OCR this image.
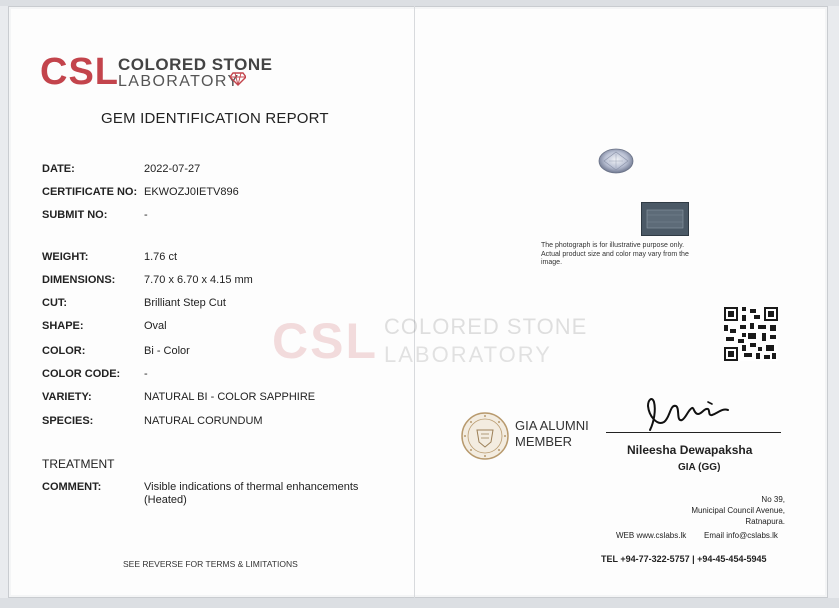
CSL COLORED STONE
LABORATORY
GEM IDENTIFICATION REPORT
CSL COLORED STONE
LABORATORY
DATE:	2022-07-27
CERTIFICATE NO: EKWOZJ0IETV896
SUBMIT NO:	-
WEIGHT:	1.76 ct
DIMENSIONS:	7.70 x 6.70 x 4.15 mm
CUT:	Brilliant Step Cut
SHAPE:	Oval
COLOR:	Bi - Color
COLOR CODE: -
VARIETY:	NATURAL BI - COLOR SAPPHIRE
SPECIES:	NATURAL CORUNDUM
TREATMENT
COMMENT:	Visible indications of thermal enhancements (Heated)
SEE REVERSE FOR TERMS & LIMITATIONS
The photograph is for illustrative purpose only. Actual product size and color may vary from the image.
GIA ALUMNI
MEMBER
Nileesha Dewapaksha
GIA (GG)
No 39,
Municipal Council Avenue,
Ratnapura.
WEB www.cslabs.lk Email info@cslabs.lk
TEL +94-77-322-5757 | +94-45-454-5945
